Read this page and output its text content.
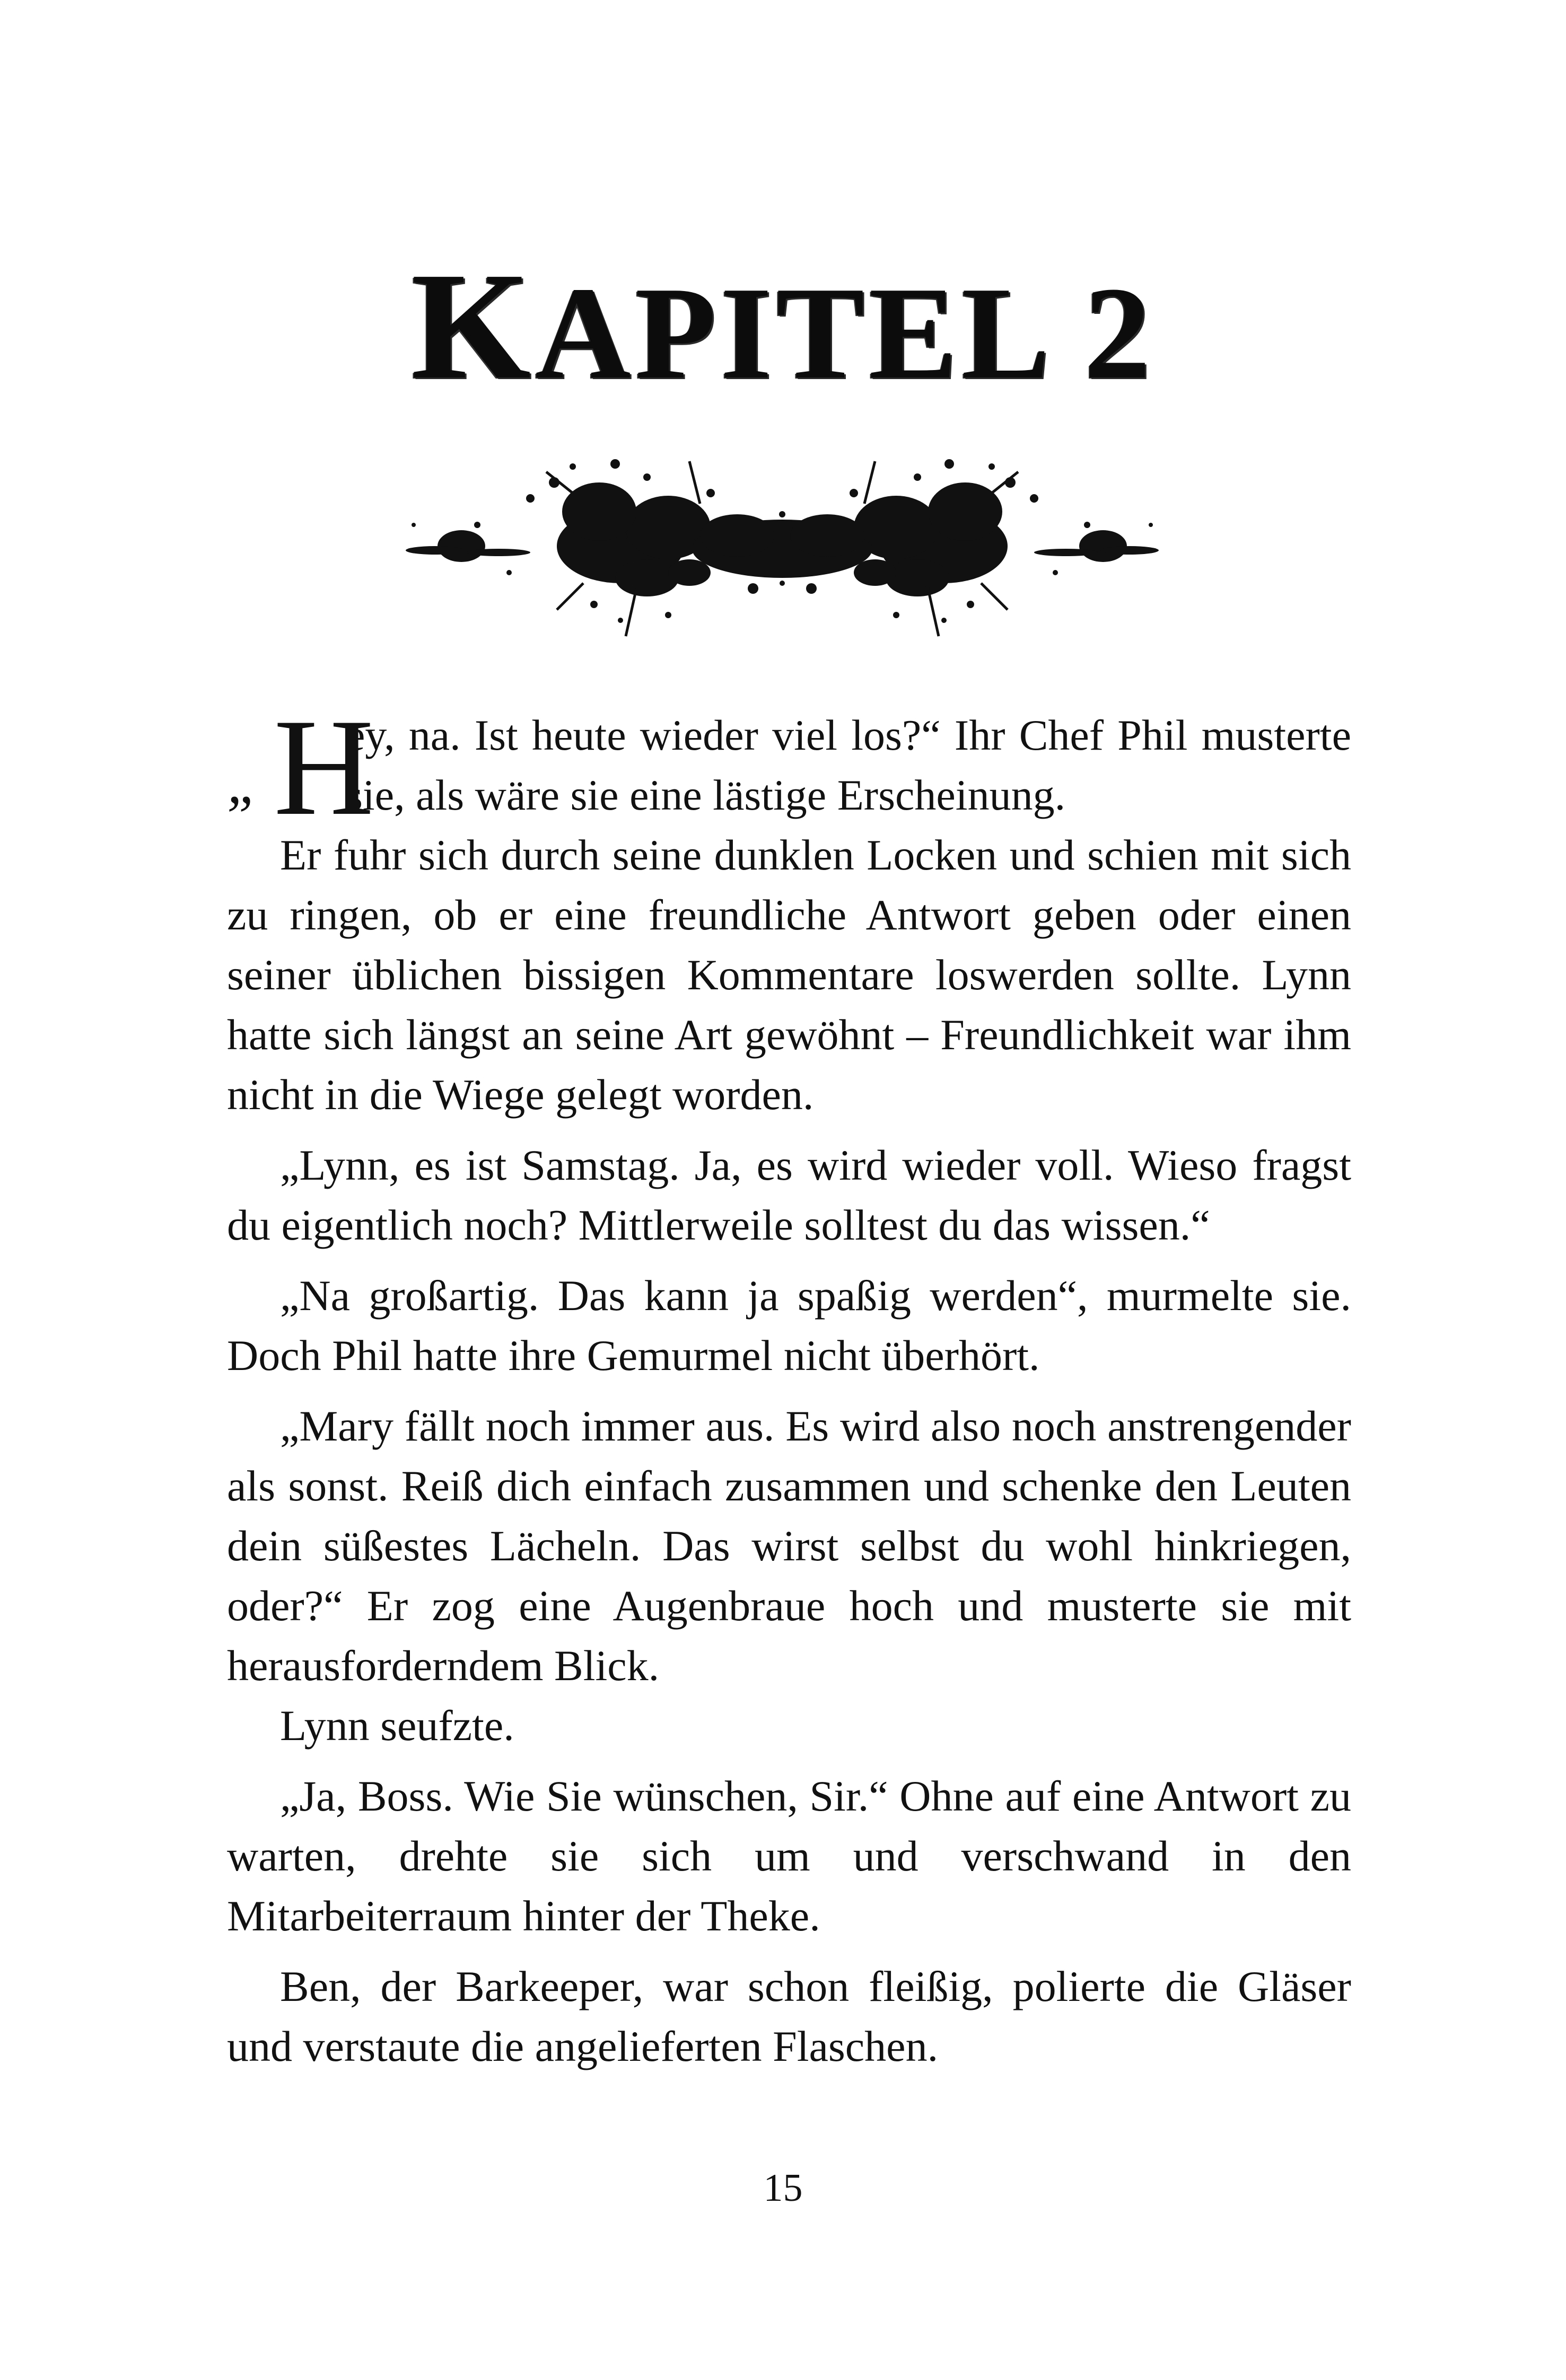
KAPITEL 2

„ H
ey, na. Ist heute wieder viel los?“ Ihr Chef Phil musterte sie, als wäre sie eine lästige Erscheinung.

Er fuhr sich durch seine dunklen Locken und schien mit sich zu ringen, ob er eine freundliche Antwort geben oder einen seiner üblichen bissigen Kommentare loswerden sollte. Lynn hatte sich längst an seine Art gewöhnt – Freundlichkeit war ihm nicht in die Wiege gelegt worden.

„Lynn, es ist Samstag. Ja, es wird wieder voll. Wieso fragst du eigentlich noch? Mittlerweile solltest du das wissen.“

„Na großartig. Das kann ja spaßig werden“, murmelte sie. Doch Phil hatte ihre Gemurmel nicht überhört.

„Mary fällt noch immer aus. Es wird also noch anstrengender als sonst. Reiß dich einfach zusammen und schenke den Leuten dein süßestes Lächeln. Das wirst selbst du wohl hinkriegen, oder?“ Er zog eine Augenbraue hoch und musterte sie mit herausforderndem Blick.

Lynn seufzte.

„Ja, Boss. Wie Sie wünschen, Sir.“ Ohne auf eine Antwort zu warten, drehte sie sich um und verschwand in den Mitarbeiterraum hinter der Theke.

Ben, der Barkeeper, war schon fleißig, polierte die Gläser und verstaute die angelieferten Flaschen.

15
